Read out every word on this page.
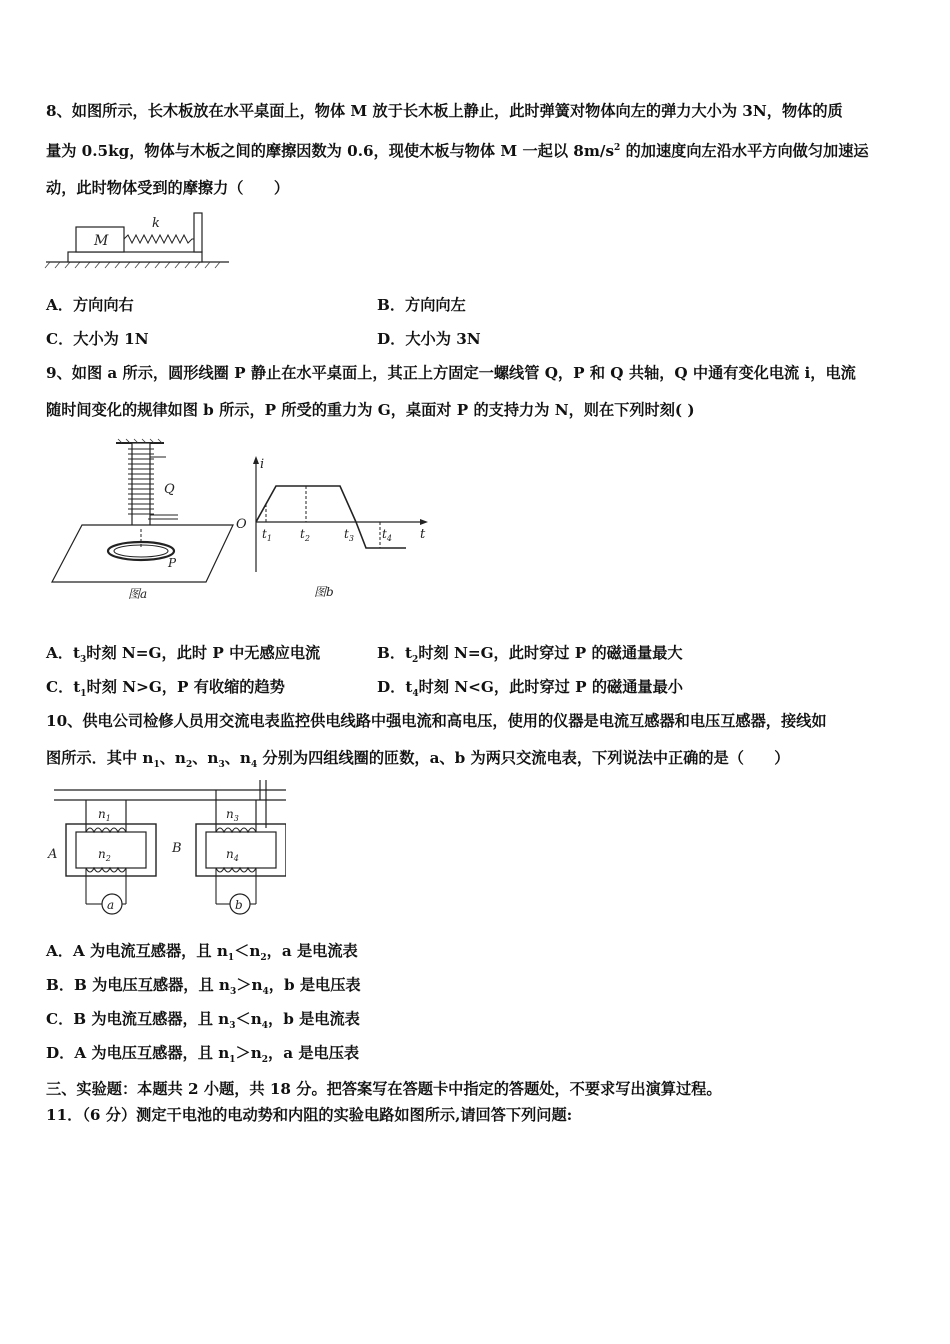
8、如图所示，长木板放在水平桌面上，物体 M 放于长木板上静止，此时弹簧对物体向左的弹力大小为 3N，物体的质
量为 0.5kg，物体与木板之间的摩擦因数为 0.6，现使木板与物体 M 一起以 $8m/s^2$ 的加速度向左沿水平方向做匀加速运
动，此时物体受到的摩擦力（　　）
M
k
A．方向向右	B．方向向左
C．大小为 1N	D．大小为 3N
9、如图 a 所示，圆形线圈 P 静止在水平桌面上，其正上方固定一螺线管 Q，P 和 Q 共轴，Q 中通有变化电流 i，电流
随时间变化的规律如图 b 所示，P 所受的重力为 G，桌面对 P 的支持力为 N，则在下列时刻( )
Q
P
图a
i
t
O
$t_1$ $t_2$	$t_3$ $t_4$
图b
A．$t_3$时刻 N=G，此时 P 中无感应电流	B．$t_2$时刻 N=G，此时穿过 P 的磁通量最大
C．$t_1$时刻 N>G，P 有收缩的趋势	D．$t_4$时刻 N<G，此时穿过 P 的磁通量最小
10、供电公司检修人员用交流电表监控供电线路中强电流和高电压，使用的仪器是电流互感器和电压互感器，接线如
图所示．其中 $n_1$、$n_2$、$n_3$、$n_4$ 分别为四组线圈的匝数，a、b 为两只交流电表，下列说法中正确的是（　　）
a
$n_1$
$n_2$
A
b
$n_3$
$n_4$
B
A．A 为电流互感器，且 $n_1<n_2$，a 是电流表
B．B 为电压互感器，且 $n_3>n_4$，b 是电压表
C．B 为电流互感器，且 $n_3<n_4$，b 是电流表
D．A 为电压互感器，且 $n_1>n_2$，a 是电压表
三、实验题：本题共 2 小题，共 18 分。把答案写在答题卡中指定的答题处，不要求写出演算过程。
11．（6 分）测定干电池的电动势和内阻的实验电路如图所示,请回答下列问题:
